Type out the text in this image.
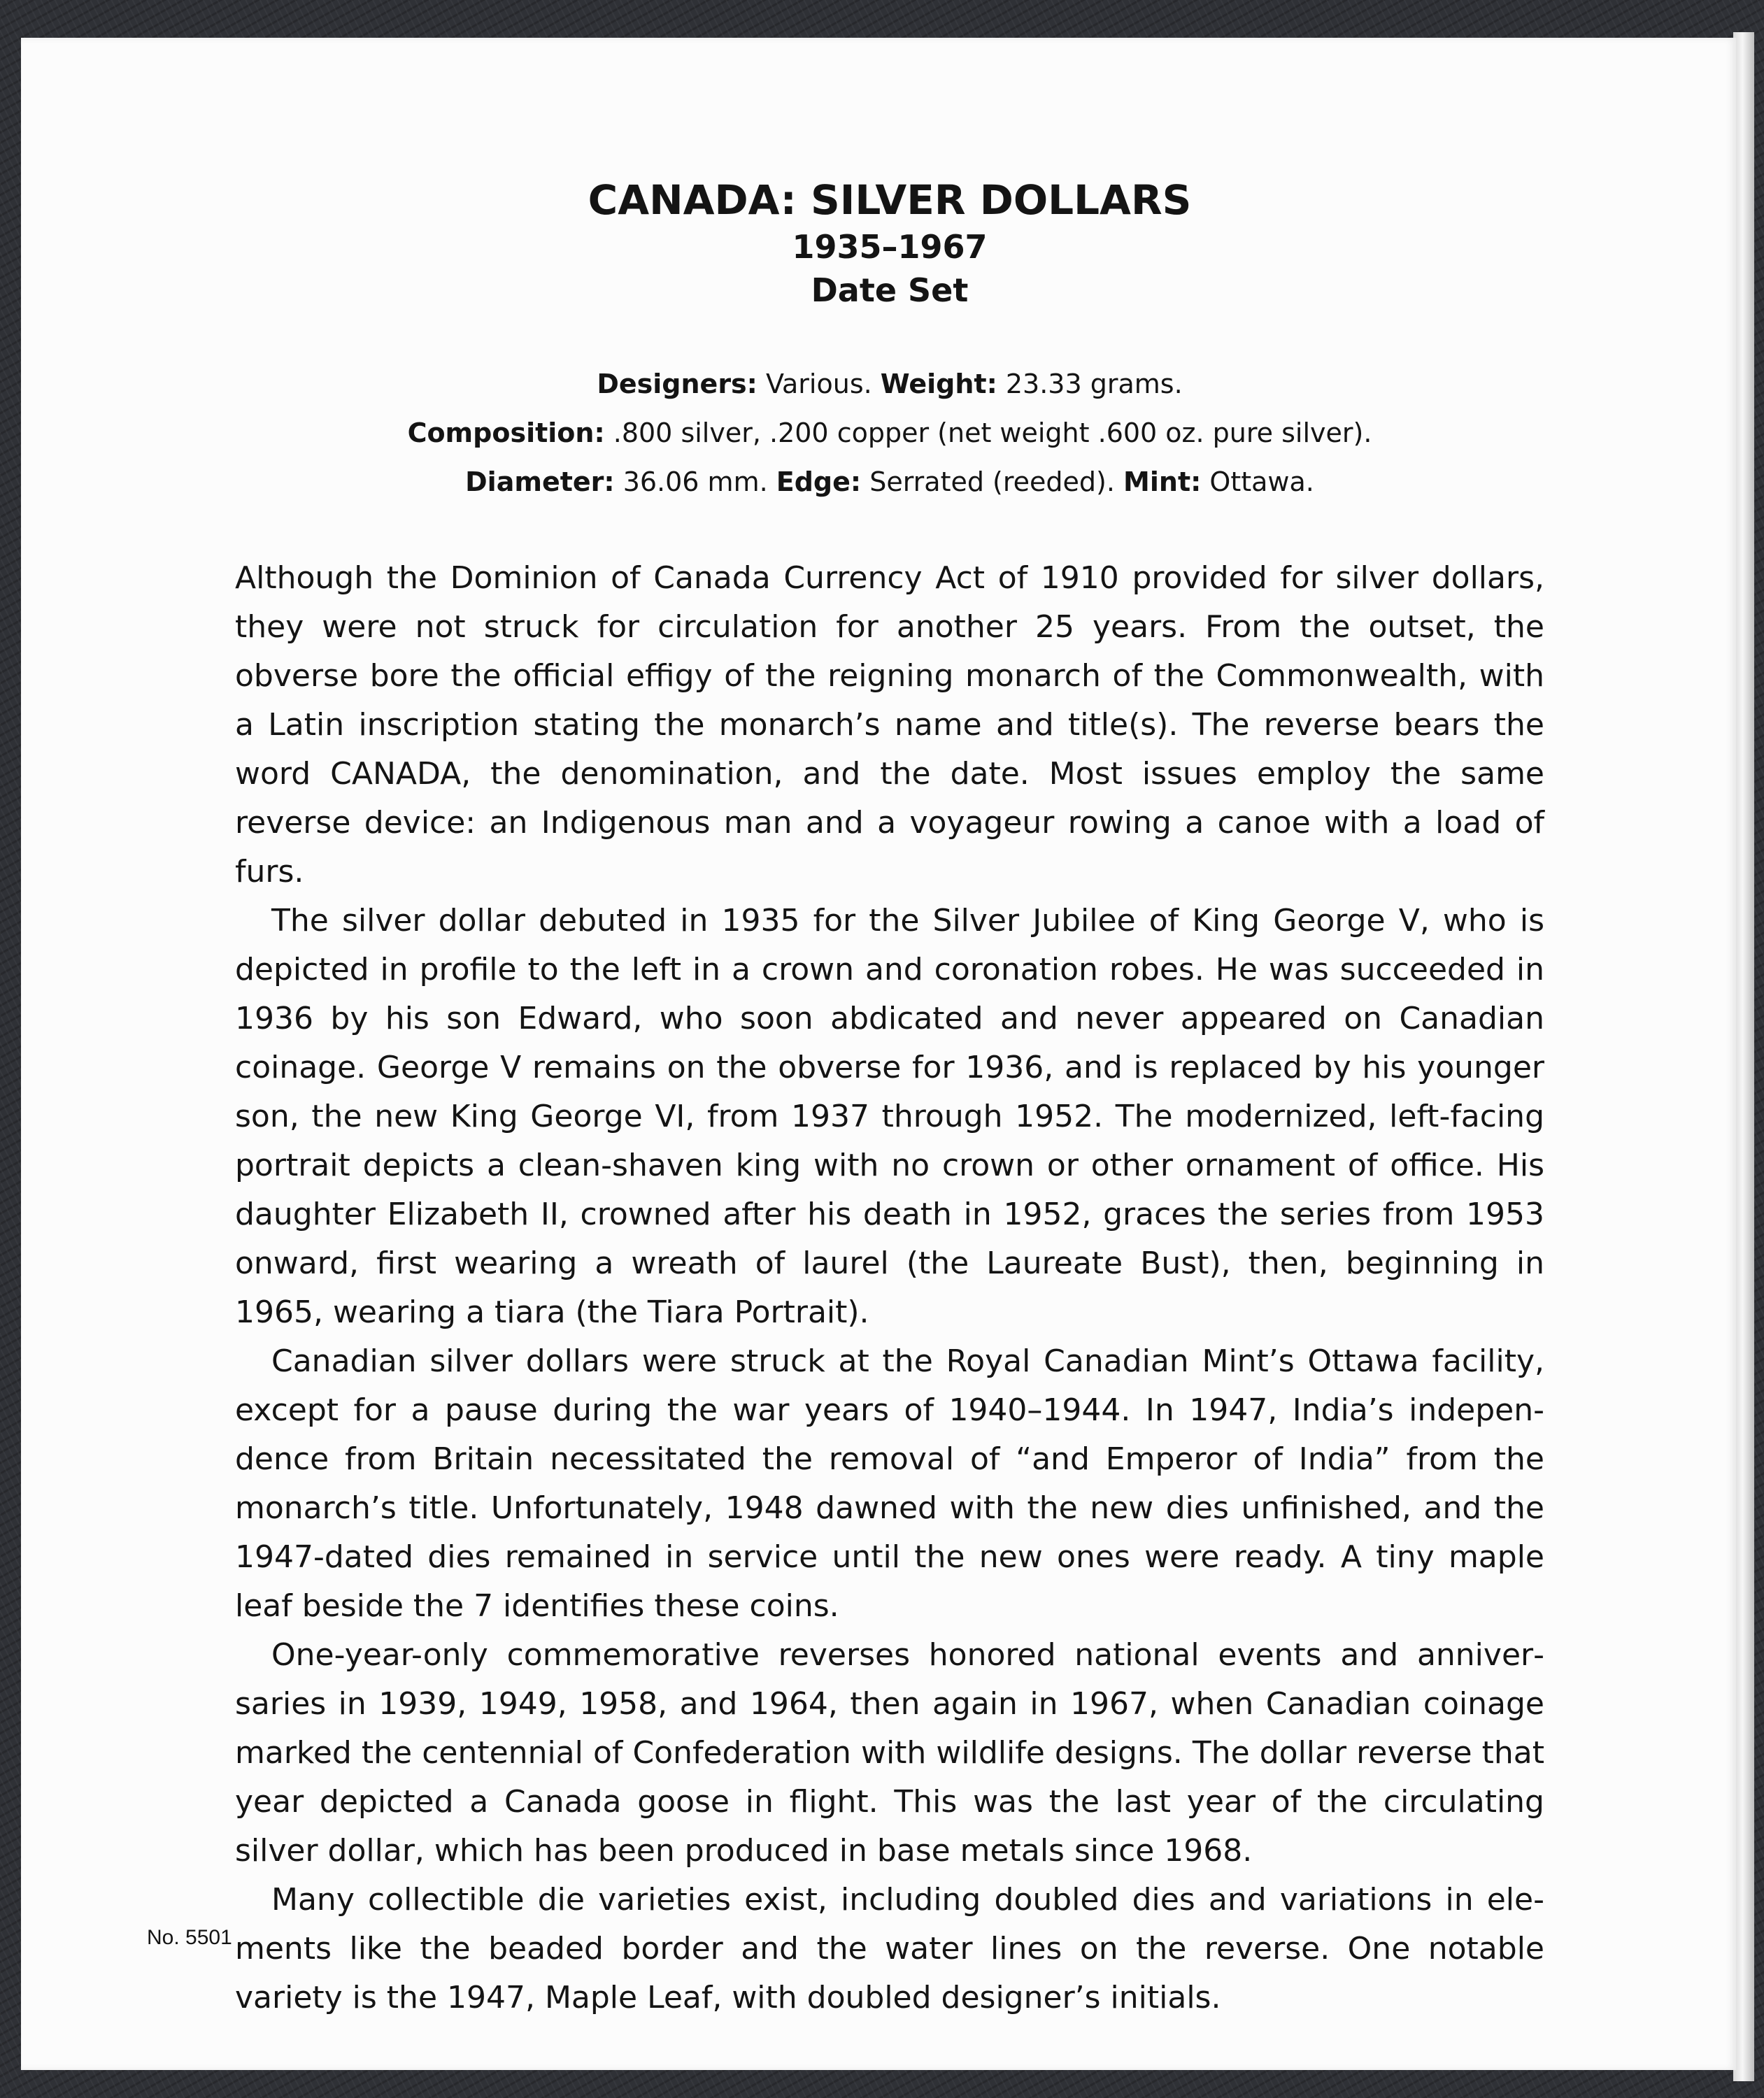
CANADA: SILVER DOLLARS
1935–1967
Date Set
Designers: Various. Weight: 23.33 grams.
Composition: .800 silver, .200 copper (net weight .600 oz. pure silver).
Diameter: 36.06 mm. Edge: Serrated (reeded). Mint: Ottawa.

Although the Dominion of Canada Currency Act of 1910 provided for silver dollars, they were not struck for circulation for another 25 years. From the outset, the obverse bore the official effigy of the reigning monarch of the Commonwealth, with a Latin inscription stating the monarch’s name and title(s). The reverse bears the word CANADA, the denomination, and the date. Most issues employ the same reverse device: an Indigenous man and a voyageur rowing a canoe with a load of furs.

The silver dollar debuted in 1935 for the Silver Jubilee of King George V, who is depicted in profile to the left in a crown and coronation robes. He was succeeded in 1936 by his son Edward, who soon abdicated and never appeared on Canadian coinage. George V remains on the obverse for 1936, and is replaced by his younger son, the new King George VI, from 1937 through 1952. The modernized, left-facing portrait depicts a clean-shaven king with no crown or other ornament of office. His daughter Elizabeth II, crowned after his death in 1952, graces the series from 1953 onward, first wearing a wreath of laurel (the Laureate Bust), then, beginning in 1965, wearing a tiara (the Tiara Portrait).

Canadian silver dollars were struck at the Royal Canadian Mint’s Ottawa facility, except for a pause during the war years of 1940–1944. In 1947, India’s independence from Britain necessitated the removal of “and Emperor of India” from the monarch’s title. Unfortunately, 1948 dawned with the new dies unfinished, and the 1947-dated dies remained in service until the new ones were ready. A tiny maple leaf beside the 7 identifies these coins.

One-year-only commemorative reverses honored national events and anniversaries in 1939, 1949, 1958, and 1964, then again in 1967, when Canadian coinage marked the centennial of Confederation with wildlife designs. The dollar reverse that year depicted a Canada goose in flight. This was the last year of the circulating silver dollar, which has been produced in base metals since 1968.

Many collectible die varieties exist, including doubled dies and variations in elements like the beaded border and the water lines on the reverse. One notable variety is the 1947, Maple Leaf, with doubled designer’s initials.

No. 5501
